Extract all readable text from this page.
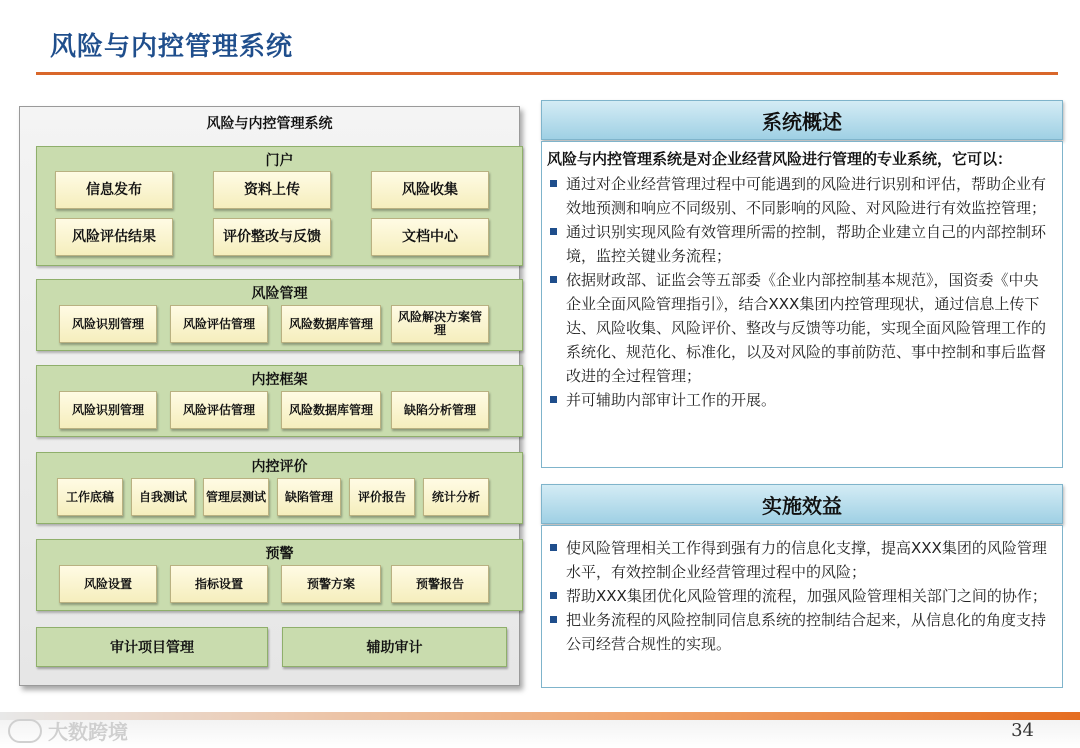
风险与内控管理系统
风险与内控管理系统
门户
信息发布	资料上传	风险收集
风险评估结果	评价整改与反馈	文档中心
风险管理
风险识别管理	风险评估管理	风险数据库管理	风险解决方案管理
内控框架
风险识别管理	风险评估管理	风险数据库管理	缺陷分析管理
内控评价
工作底稿	自我测试	管理层测试	缺陷管理	评价报告	统计分析
预警
风险设置	指标设置	预警方案	预警报告
审计项目管理	辅助审计
系统概述
风险与内控管理系统是对企业经营风险进行管理的专业系统，它可以：
通过对企业经营管理过程中可能遇到的风险进行识别和评估，帮助企业有效地预测和响应不同级别、不同影响的风险、对风险进行有效监控管理；
通过识别实现风险有效管理所需的控制，帮助企业建立自己的内部控制环境，监控关键业务流程；
依据财政部、证监会等五部委《企业内部控制基本规范》，国资委《中央企业全面风险管理指引》，结合XXX集团内控管理现状，通过信息上传下达、风险收集、风险评价、整改与反馈等功能，实现全面风险管理工作的系统化、规范化、标准化，以及对风险的事前防范、事中控制和事后监督改进的全过程管理；
并可辅助内部审计工作的开展。
实施效益
使风险管理相关工作得到强有力的信息化支撑，提高XXX集团的风险管理水平，有效控制企业经营管理过程中的风险；
帮助XXX集团优化风险管理的流程，加强风险管理相关部门之间的协作；
把业务流程的风险控制同信息系统的控制结合起来，从信息化的角度支持公司经营合规性的实现。
大数跨境	34
